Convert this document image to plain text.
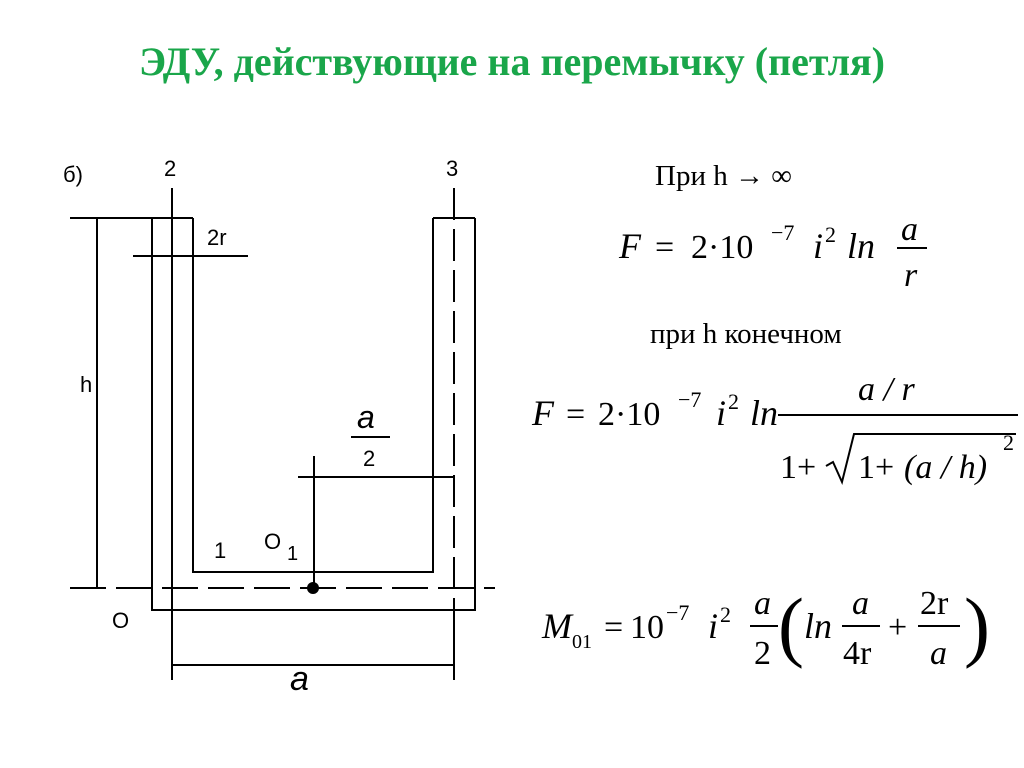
ЭДУ, действующие на перемычку (петля)
б)	2	3
2r
h
a
2
1 O 1
O
a
При h → ∞
F = 2·10 −7 i 2 ln a
r
при h конечном
F = 2·10 −7 i 2 ln
a / r
1+ 1+ (a / h)
2
M 01 = 10 −7 i 2 a
2 ( ln
a
4r
+
2r
a )
